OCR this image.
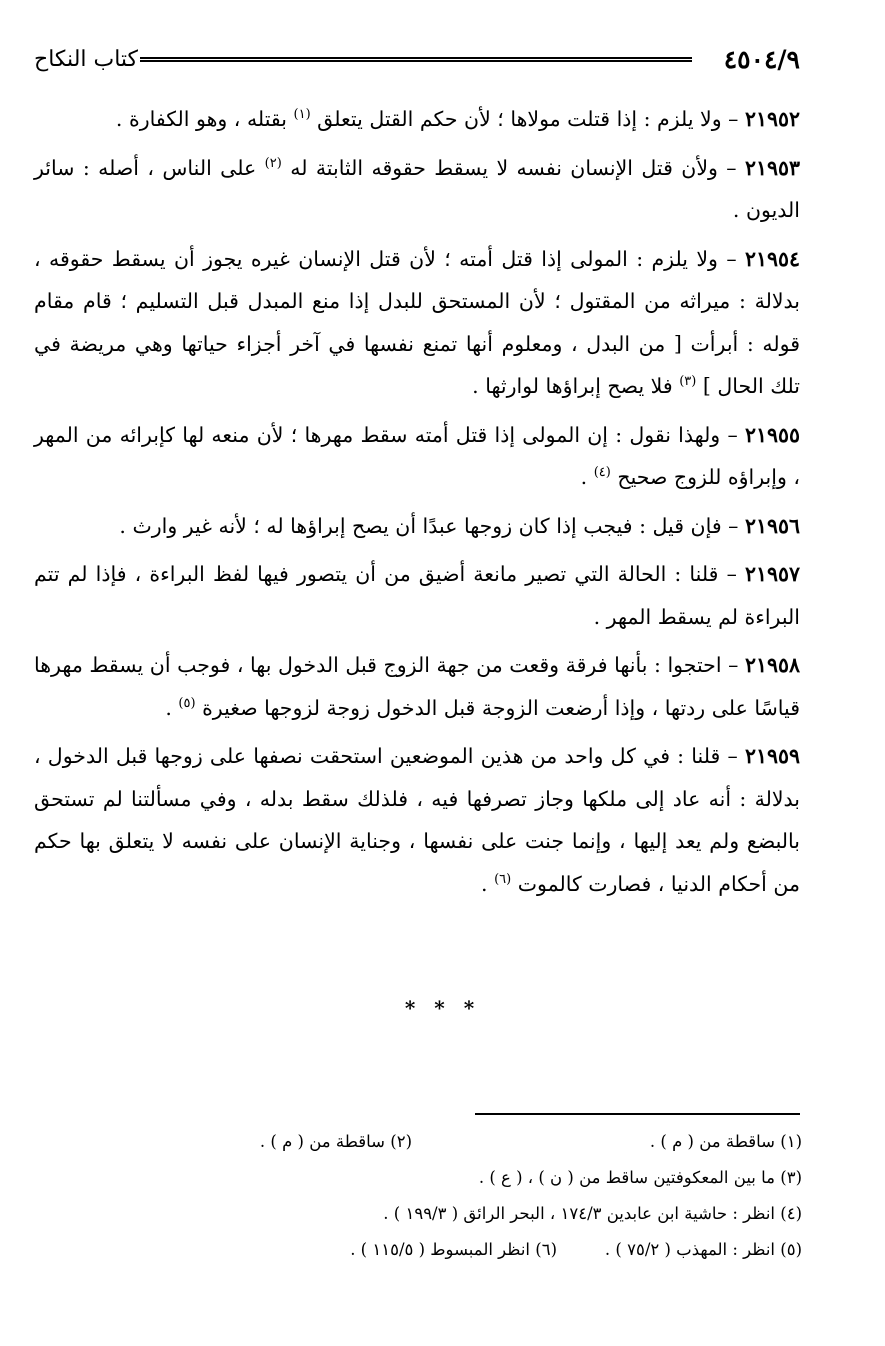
٤٥٠٤/٩
كتاب النكاح

٢١٩٥٢ – ولا يلزم : إذا قتلت مولاها ؛ لأن حكم القتل يتعلق $^{(١)}$ بقتله ، وهو الكفارة .

٢١٩٥٣ – ولأن قتل الإنسان نفسه لا يسقط حقوقه الثابتة له $^{(٢)}$ على الناس ، أصله : سائر الديون .

٢١٩٥٤ – ولا يلزم : المولى إذا قتل أمته ؛ لأن قتل الإنسان غيره يجوز أن يسقط حقوقه ، بدلالة : ميراثه من المقتول ؛ لأن المستحق للبدل إذا منع المبدل قبل التسليم ؛ قام مقام قوله : أبرأت [ من البدل ، ومعلوم أنها تمنع نفسها في آخر أجزاء حياتها وهي مريضة في تلك الحال ] $^{(٣)}$ فلا يصح إبراؤها لوارثها .

٢١٩٥٥ – ولهذا نقول : إن المولى إذا قتل أمته سقط مهرها ؛ لأن منعه لها كإبرائه من المهر ، وإبراؤه للزوج صحيح $^{(٤)}$ .

٢١٩٥٦ – فإن قيل : فيجب إذا كان زوجها عبدًا أن يصح إبراؤها له ؛ لأنه غير وارث .

٢١٩٥٧ – قلنا : الحالة التي تصير مانعة أضيق من أن يتصور فيها لفظ البراءة ، فإذا لم تتم البراءة لم يسقط المهر .

٢١٩٥٨ – احتجوا : بأنها فرقة وقعت من جهة الزوج قبل الدخول بها ، فوجب أن يسقط مهرها قياسًا على ردتها ، وإذا أرضعت الزوجة قبل الدخول زوجة لزوجها صغيرة $^{(٥)}$ .

٢١٩٥٩ – قلنا : في كل واحد من هذين الموضعين استحقت نصفها على زوجها قبل الدخول ، بدلالة : أنه عاد إلى ملكها وجاز تصرفها فيه ، فلذلك سقط بدله ، وفي مسألتنا لم تستحق بالبضع ولم يعد إليها ، وإنما جنت على نفسها ، وجناية الإنسان على نفسه لا يتعلق بها حكم من أحكام الدنيا ، فصارت كالموت $^{(٦)}$ .

* * *
(١) ساقطة من ( م ) .
(٢) ساقطة من ( م ) .
(٣) ما بين المعكوفتين ساقط من ( ن ) ، ( ع ) .
(٤) انظر : حاشية ابن عابدين ١٧٤/٣ ، البحر الرائق ( ١٩٩/٣ ) .
(٥) انظر : المهذب ( ٧٥/٢ ) .
(٦) انظر المبسوط ( ١١٥/٥ ) .
